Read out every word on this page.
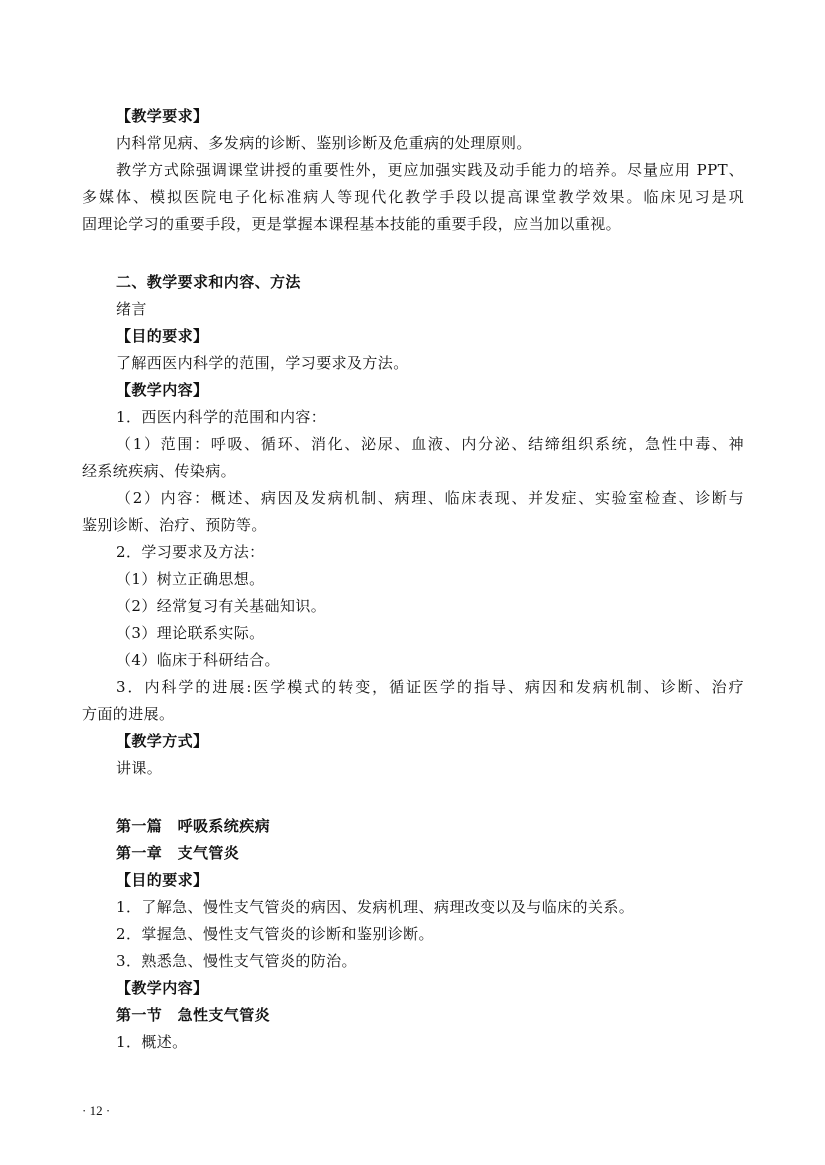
【教学要求】
内科常见病、多发病的诊断、鉴别诊断及危重病的处理原则。
教学方式除强调课堂讲授的重要性外，更应加强实践及动手能力的培养。尽量应用 PPT、
多媒体、模拟医院电子化标准病人等现代化教学手段以提高课堂教学效果。临床见习是巩
固理论学习的重要手段，更是掌握本课程基本技能的重要手段，应当加以重视。
二、教学要求和内容、方法
绪言
【目的要求】
了解西医内科学的范围，学习要求及方法。
【教学内容】
1．西医内科学的范围和内容：
（1）范围：呼吸、循环、消化、泌尿、血液、内分泌、结缔组织系统，急性中毒、神
经系统疾病、传染病。
（2）内容：概述、病因及发病机制、病理、临床表现、并发症、实验室检查、诊断与
鉴别诊断、治疗、预防等。
2．学习要求及方法：
（1）树立正确思想。
（2）经常复习有关基础知识。
（3）理论联系实际。
（4）临床于科研结合。
3．内科学的进展:医学模式的转变，循证医学的指导、病因和发病机制、诊断、治疗
方面的进展。
【教学方式】
讲课。
第一篇　呼吸系统疾病
第一章　支气管炎
【目的要求】
1．了解急、慢性支气管炎的病因、发病机理、病理改变以及与临床的关系。
2．掌握急、慢性支气管炎的诊断和鉴别诊断。
3．熟悉急、慢性支气管炎的防治。
【教学内容】
第一节　急性支气管炎
1．概述。
· 12 ·
